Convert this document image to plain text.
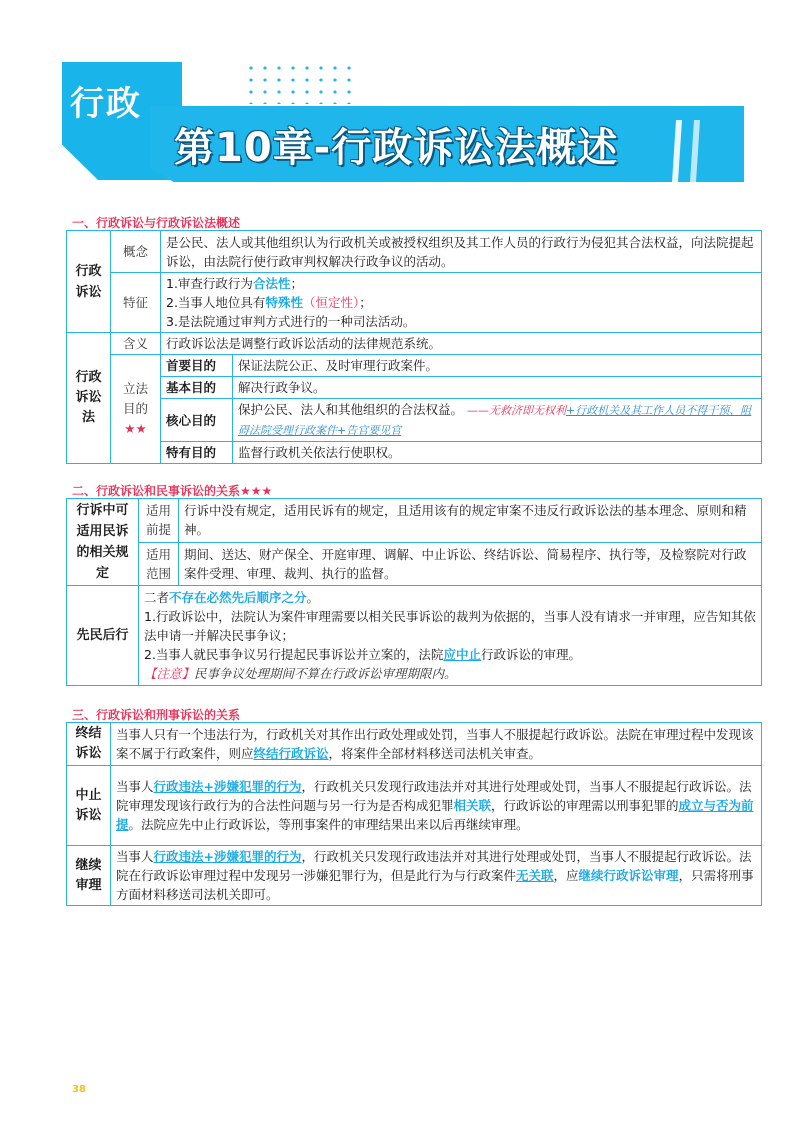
行政
第10章-行政诉讼法概述
一、行政诉讼与行政诉讼法概述
行政诉讼	概念	是公民、法人或其他组织认为行政机关或被授权组织及其工作人员的行政行为侵犯其合法权益，向法院提起诉讼，由法院行使行政审判权解决行政争议的活动。	
	特征	1.审查行政行为合法性；
2.当事人地位具有特殊性（恒定性）；
3.是法院通过审判方式进行的一种司法活动。	

行政
诉讼
法	含义	行政诉讼法是调整行政诉讼活动的法律规范系统。	
	立法
目的
★★	首要目的	保证法院公正、及时审理行政案件。
		基本目的	解决行政争议。
		核心目的	保护公民、法人和其他组织的合法权益。 ——无救济即无权利+行政机关及其工作人员不得干预、阻碍法院受理行政案件+告官要见官
		特有目的	监督行政机关依法行使职权。
二、行政诉讼和民事诉讼的关系★★★
行诉中可适用民诉的相关规定	适用前提	行诉中没有规定，适用民诉有的规定，且适用该有的规定审案不违反行政诉讼法的基本理念、原则和精神。
	适用范围	期间、送达、财产保全、开庭审理、调解、中止诉讼、终结诉讼、简易程序、执行等，及检察院对行政案件受理、审理、裁判、执行的监督。
先民后行	二者不存在必然先后顺序之分。
1.行政诉讼中，法院认为案件审理需要以相关民事诉讼的裁判为依据的，当事人没有请求一并审理，应告知其依法申请一并解决民事争议；
2.当事人就民事争议另行提起民事诉讼并立案的，法院应中止行政诉讼的审理。
【注意】民事争议处理期间不算在行政诉讼审理期限内。	
三、行政诉讼和刑事诉讼的关系
终结
诉讼	当事人只有一个违法行为，行政机关对其作出行政处理或处罚，当事人不服提起行政诉讼。法院在审理过程中发现该案不属于行政案件，则应终结行政诉讼，将案件全部材料移送司法机关审查。
中止
诉讼	当事人行政违法+涉嫌犯罪的行为，行政机关只发现行政违法并对其进行处理或处罚，当事人不服提起行政诉讼。法院审理发现该行政行为的合法性问题与另一行为是否构成犯罪相关联，行政诉讼的审理需以刑事犯罪的成立与否为前提。法院应先中止行政诉讼，等刑事案件的审理结果出来以后再继续审理。
继续
审理	当事人行政违法+涉嫌犯罪的行为，行政机关只发现行政违法并对其进行处理或处罚，当事人不服提起行政诉讼。法院在行政诉讼审理过程中发现另一涉嫌犯罪行为，但是此行为与行政案件无关联，应继续行政诉讼审理，只需将刑事方面材料移送司法机关即可。
38
